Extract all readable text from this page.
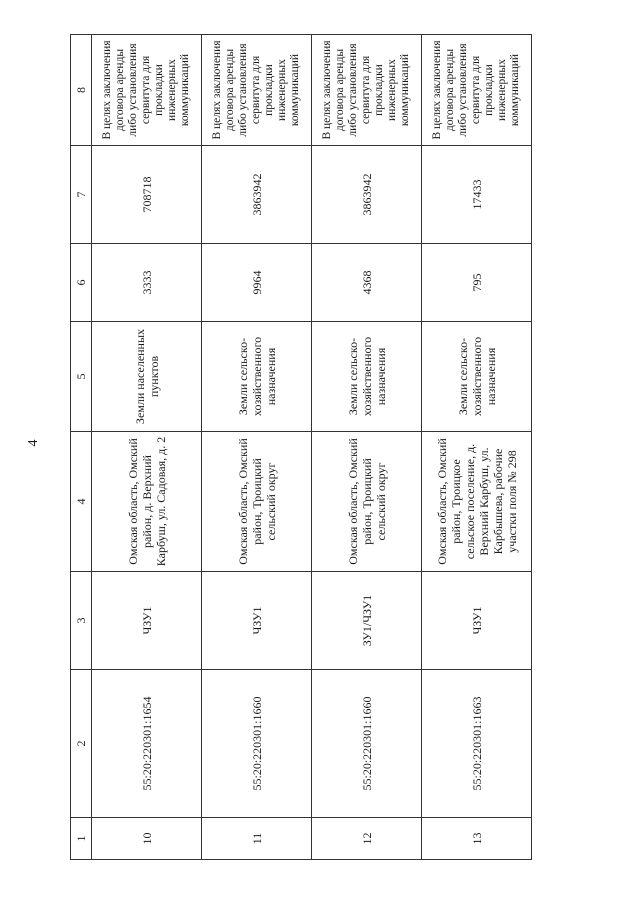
4
1	2	3	4	5	6	7	8
10	55:20:220301:1654	ЧЗУ1	Омская область, Омский район, д. Верхний Карбуш, ул. Садовая, д. 2	Земли населенных пунктов	3333	708718	В целях заключения договора аренды либо установления сервитута для прокладки инженерных коммуникаций
11	55:20:220301:1660	ЧЗУ1	Омская область, Омский район, Троицкий сельский округ	Земли сельско-хозяйственного назначения	9964	3863942	В целях заключения договора аренды либо установления сервитута для прокладки инженерных коммуникаций
12	55:20:220301:1660	ЗУ1/ЧЗУ1	Омская область, Омский район, Троицкий сельский округ	Земли сельско-хозяйственного назначения	4368	3863942	В целях заключения договора аренды либо установления сервитута для прокладки инженерных коммуникаций
13	55:20:220301:1663	ЧЗУ1	Омская область, Омский район, Троицкое сельское поселение, д. Верхний Карбуш, ул. Карбышева, рабочие участки поля № 298	Земли сельско-хозяйственного назначения	795	17433	В целях заключения договора аренды либо установления сервитута для прокладки инженерных коммуникаций
